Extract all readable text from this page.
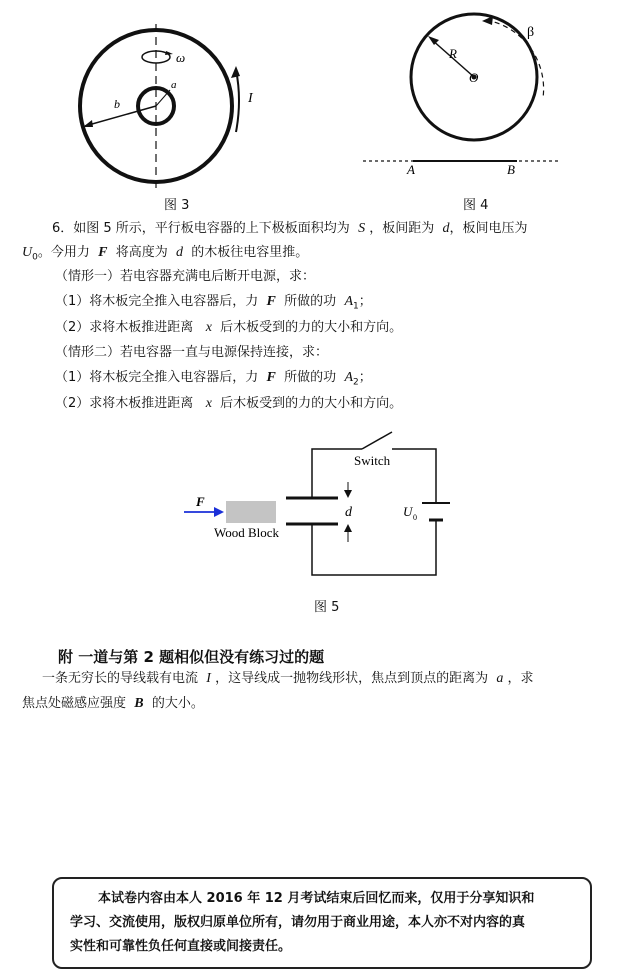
ω
a
b	I
图 3
R
O
β
A	B
图 4
6．如图 5 所示，平行板电容器的上下极板面积均为 S ，板间距为 d，板间电压为
$U_0$。今用力 F 将高度为 d 的木板往电容里推。
（情形一）若电容器充满电后断开电源，求：
（1）将木板完全推入电容器后，力 F 所做的功 $A_1$；
（2）求将木板推进距离 x 后木板受到的力的大小和方向。
（情形二）若电容器一直与电源保持连接，求：
（1）将木板完全推入电容器后，力 F 所做的功 $A_2$；
（2）求将木板推进距离 x 后木板受到的力的大小和方向。
Switch
Wood Block
F
d	U 0
图 5
附 一道与第 2 题相似但没有练习过的题
一条无穷长的导线载有电流 I ，这导线成一抛物线形状，焦点到顶点的距离为 a ，求
焦点处磁感应强度 B 的大小。

本试卷内容由本人 2016 年 12 月考试结束后回忆而来，仅用于分享知识和

学习、交流使用，版权归原单位所有，请勿用于商业用途，本人亦不对内容的真

实性和可靠性负任何直接或间接责任。
